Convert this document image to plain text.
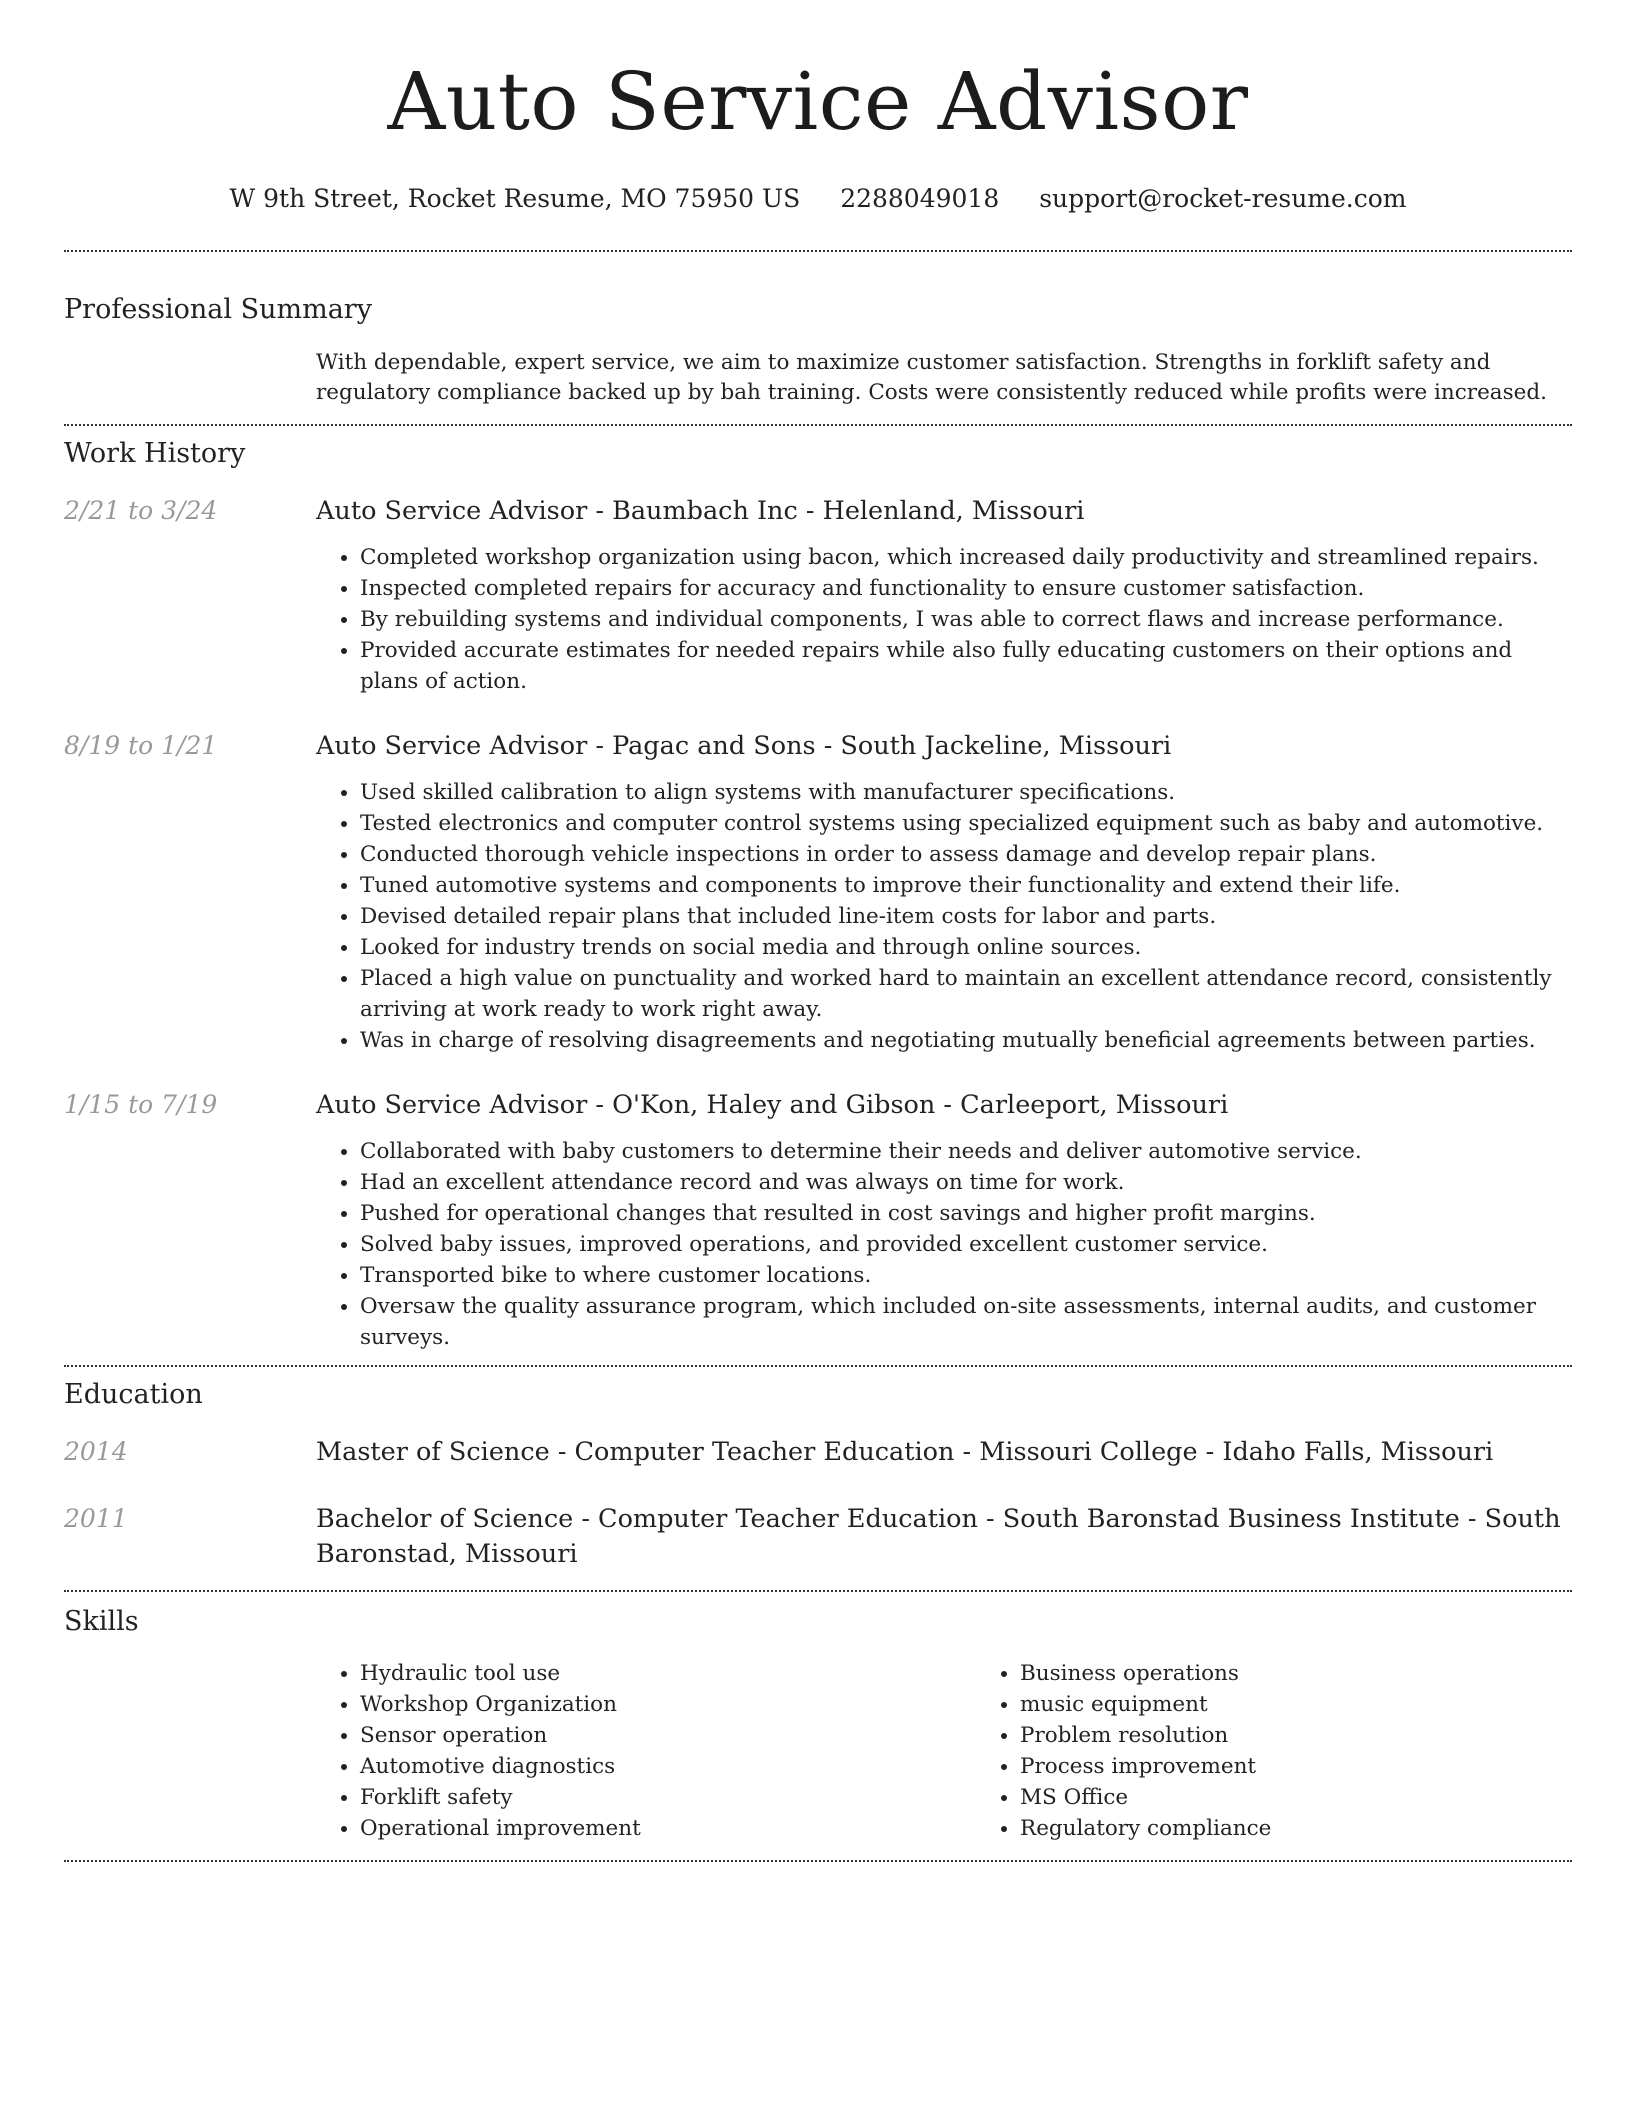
Auto Service Advisor
W 9th Street, Rocket Resume, MO 75950 US 2288049018 support@rocket-resume.com
Professional Summary
With dependable, expert service, we aim to maximize customer satisfaction. Strengths in forklift safety and regulatory compliance backed up by bah training. Costs were consistently reduced while profits were increased.
Work History
2/21 to 3/24	Auto Service Advisor - Baumbach Inc - Helenland, Missouri
• Completed workshop organization using bacon, which increased daily productivity and streamlined repairs.
• Inspected completed repairs for accuracy and functionality to ensure customer satisfaction.
• By rebuilding systems and individual components, I was able to correct flaws and increase performance.
• Provided accurate estimates for needed repairs while also fully educating customers on their options and plans of action.
8/19 to 1/21	Auto Service Advisor - Pagac and Sons - South Jackeline, Missouri
• Used skilled calibration to align systems with manufacturer specifications.
• Tested electronics and computer control systems using specialized equipment such as baby and automotive.
• Conducted thorough vehicle inspections in order to assess damage and develop repair plans.
• Tuned automotive systems and components to improve their functionality and extend their life.
• Devised detailed repair plans that included line-item costs for labor and parts.
• Looked for industry trends on social media and through online sources.
• Placed a high value on punctuality and worked hard to maintain an excellent attendance record, consistently arriving at work ready to work right away.
• Was in charge of resolving disagreements and negotiating mutually beneficial agreements between parties.
1/15 to 7/19	Auto Service Advisor - O'Kon, Haley and Gibson - Carleeport, Missouri
• Collaborated with baby customers to determine their needs and deliver automotive service.
• Had an excellent attendance record and was always on time for work.
• Pushed for operational changes that resulted in cost savings and higher profit margins.
• Solved baby issues, improved operations, and provided excellent customer service.
• Transported bike to where customer locations.
• Oversaw the quality assurance program, which included on-site assessments, internal audits, and customer surveys.
Education
2014	Master of Science - Computer Teacher Education - Missouri College - Idaho Falls, Missouri
2011	Bachelor of Science - Computer Teacher Education - South Baronstad Business Institute - South Baronstad, Missouri
Skills
• Hydraulic tool use
• Workshop Organization
• Sensor operation
• Automotive diagnostics
• Forklift safety
• Operational improvement
• Business operations
• music equipment
• Problem resolution
• Process improvement
• MS Office
• Regulatory compliance
